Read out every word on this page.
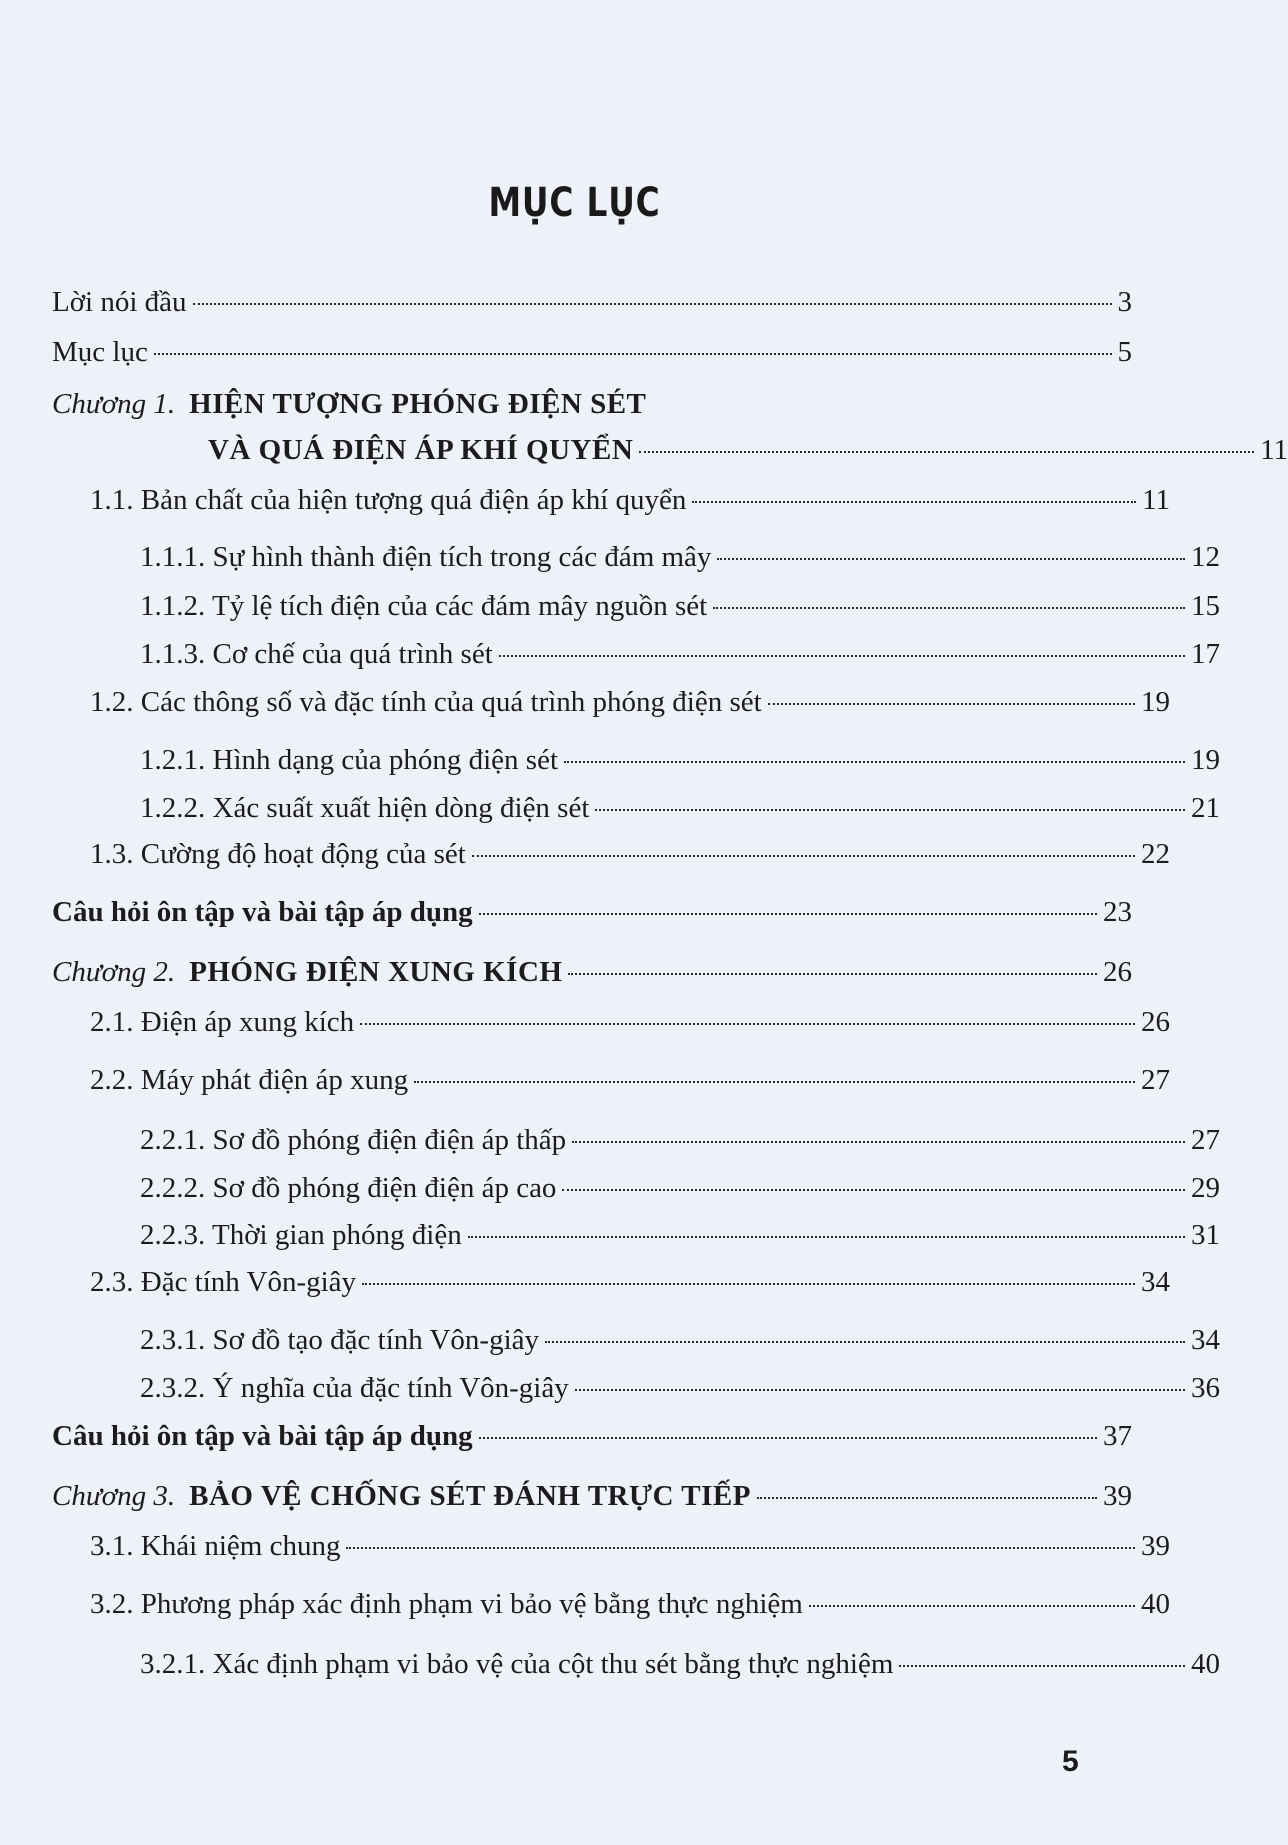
MỤC LỤC
Lời nói đầu	3
Mục lục	5
Chương 1. HIỆN TƯỢNG PHÓNG ĐIỆN SÉT
VÀ QUÁ ĐIỆN ÁP KHÍ QUYỂN	11
1.1. Bản chất của hiện tượng quá điện áp khí quyển	11
1.1.1. Sự hình thành điện tích trong các đám mây	12
1.1.2. Tỷ lệ tích điện của các đám mây nguồn sét	15
1.1.3. Cơ chế của quá trình sét	17
1.2. Các thông số và đặc tính của quá trình phóng điện sét	19
1.2.1. Hình dạng của phóng điện sét	19
1.2.2. Xác suất xuất hiện dòng điện sét	21
1.3. Cường độ hoạt động của sét	22
Câu hỏi ôn tập và bài tập áp dụng	23
Chương 2. PHÓNG ĐIỆN XUNG KÍCH	26
2.1. Điện áp xung kích	26
2.2. Máy phát điện áp xung	27
2.2.1. Sơ đồ phóng điện điện áp thấp	27
2.2.2. Sơ đồ phóng điện điện áp cao	29
2.2.3. Thời gian phóng điện	31
2.3. Đặc tính Vôn-giây	34
2.3.1. Sơ đồ tạo đặc tính Vôn-giây	34
2.3.2. Ý nghĩa của đặc tính Vôn-giây	36
Câu hỏi ôn tập và bài tập áp dụng	37
Chương 3. BẢO VỆ CHỐNG SÉT ĐÁNH TRỰC TIẾP	39
3.1. Khái niệm chung	39
3.2. Phương pháp xác định phạm vi bảo vệ bằng thực nghiệm	40
3.2.1. Xác định phạm vi bảo vệ của cột thu sét bằng thực nghiệm	40
5
